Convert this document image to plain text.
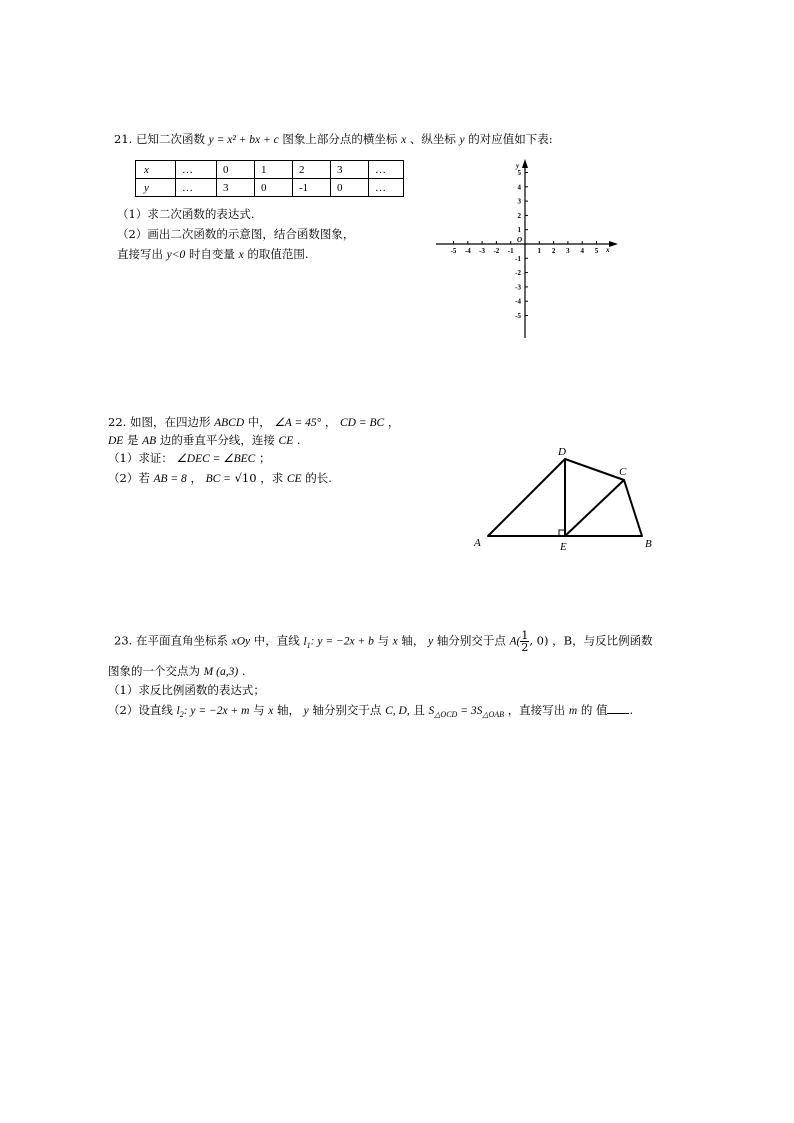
21. 已知二次函数 y = x² + bx + c 图象上部分点的横坐标 x 、纵坐标 y 的对应值如下表:
x	…	0	1	2	3	…
y	…	3	0	-1	0	…
（1）求二次函数的表达式.
（2）画出二次函数的示意图，结合函数图象，
直接写出 y<0 时自变量 x 的取值范围.	-5 -4 -3 -2 -1	1 2 3 4 5
5
4
3
2
1
-1
-2
-3
-4
-5
x
y
O
22. 如图，在四边形 ABCD 中， ∠A = 45° ， CD = BC ，
DE 是 AB 边的垂直平分线，连接 CE .
（1）求证： ∠DEC = ∠BEC ；
（2）若 AB = 8 ， BC = √10 ，求 CE 的长.
A	B
C
D
E
23. 在平面直角坐标系 xOy 中，直线 $l_1$: y = −2x + b 与 x 轴， y 轴分别交于点 $A( \frac{1}{2}$ , 0) ，B，与反比例函数
图象的一个交点为 M (a,3) .
（1）求反比例函数的表达式；
（2）设直线 $l_2$: y = −2x + m 与 x 轴， y 轴分别交于点 C, D, 且 $S_{\triangle OCD} = 3S_{\triangle OAB}$ ，直接写出 m 的 值 .
